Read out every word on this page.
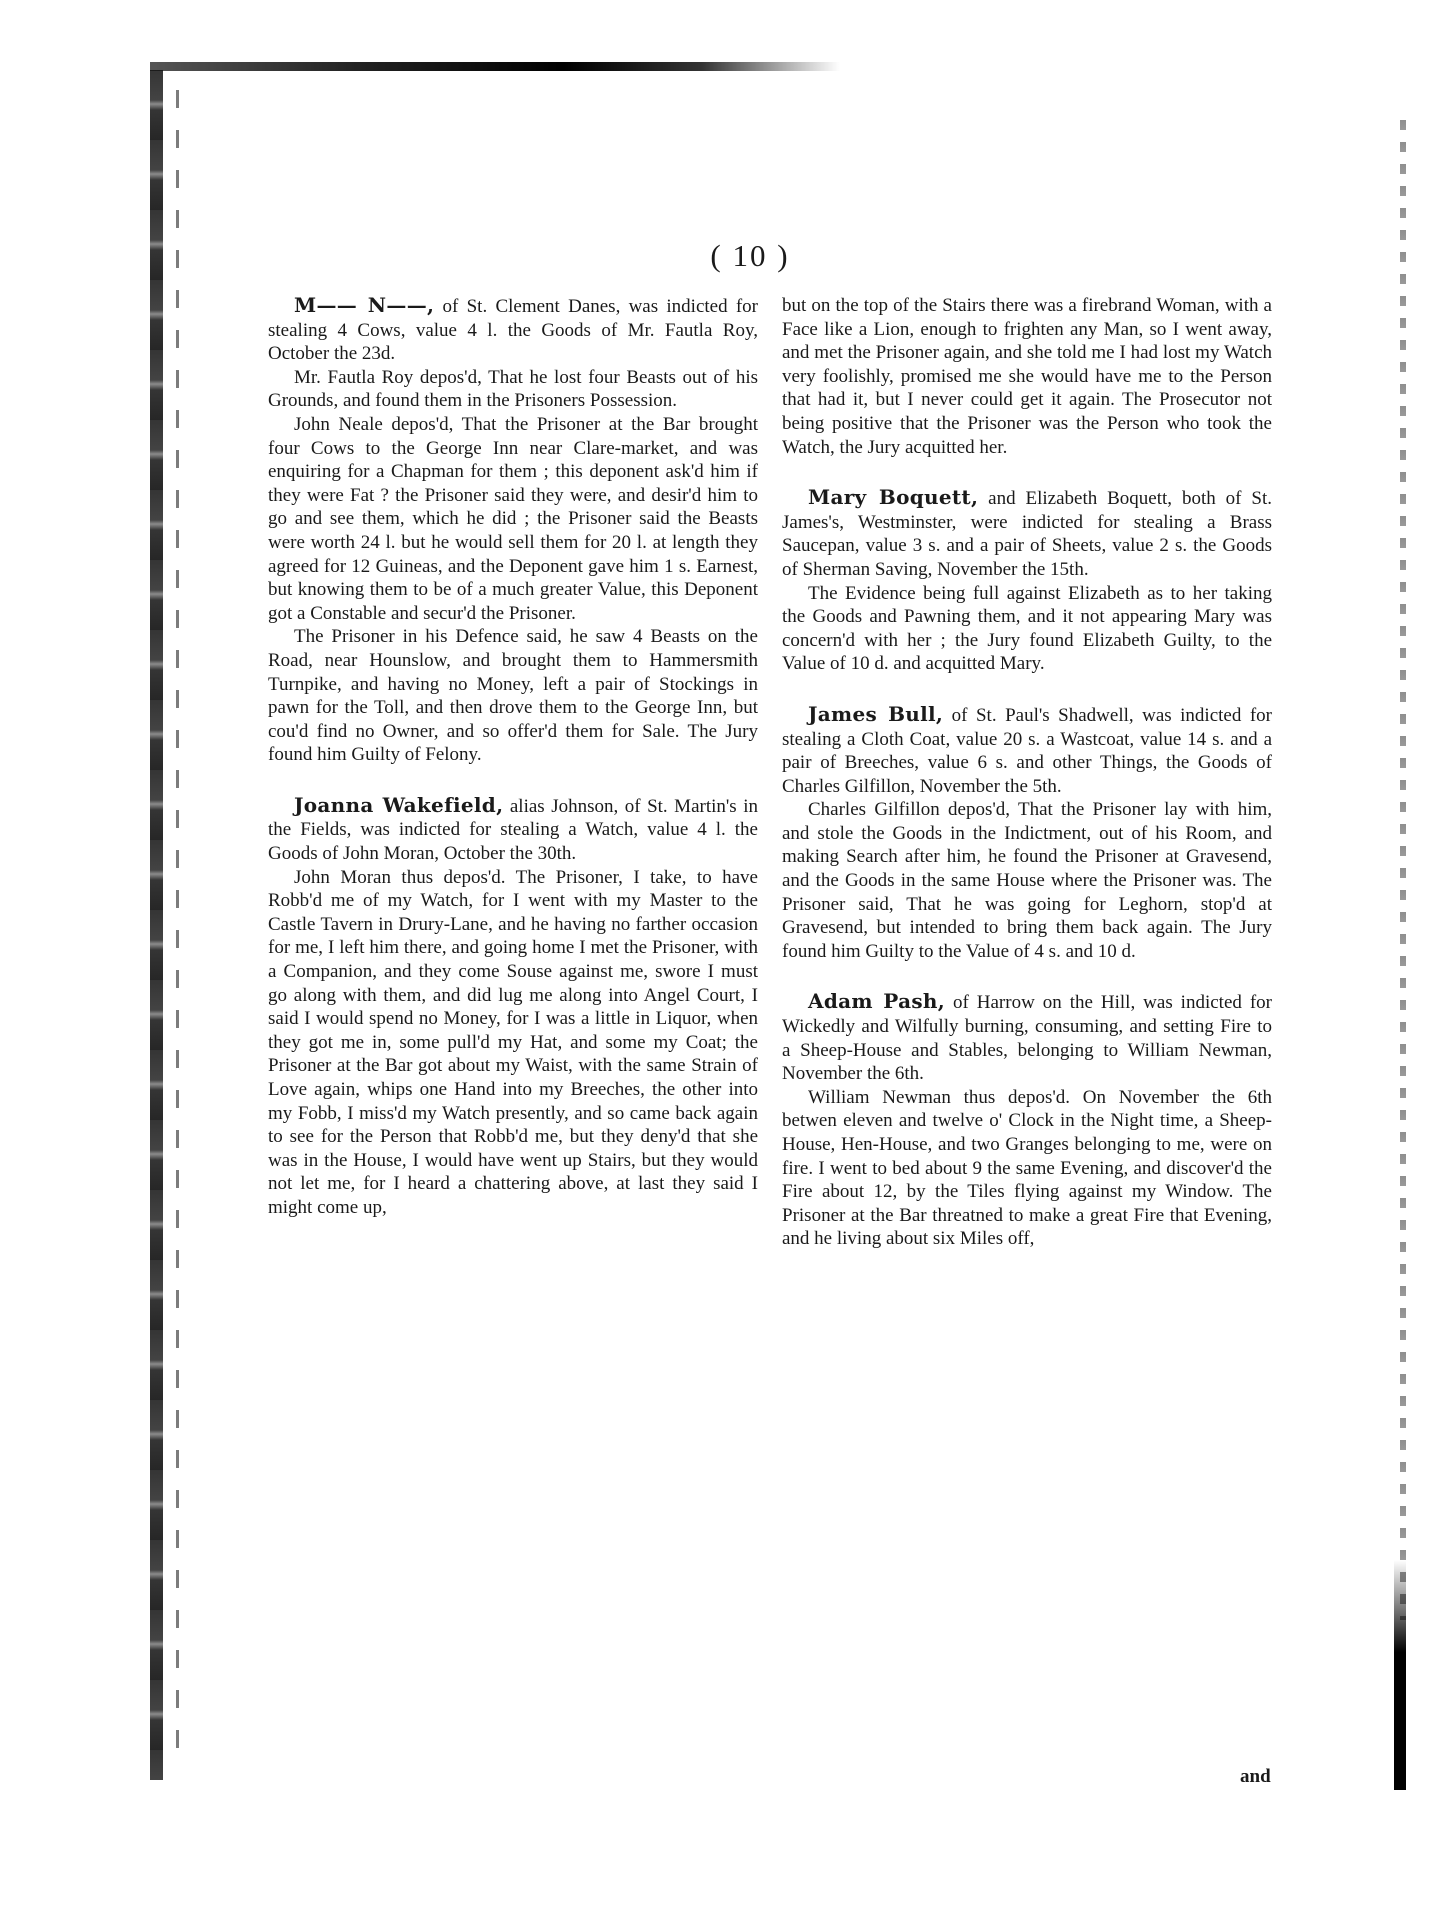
( 10 )

M—— N——, of St. Clement Danes, was indicted for stealing 4 Cows, value 4 l. the Goods of Mr. Fautla Roy, October the 23d.

Mr. Fautla Roy depos'd, That he lost four Beasts out of his Grounds, and found them in the Prisoners Possession.

John Neale depos'd, That the Prisoner at the Bar brought four Cows to the George Inn near Clare-market, and was enquiring for a Chapman for them ; this deponent ask'd him if they were Fat ? the Prisoner said they were, and desir'd him to go and see them, which he did ; the Prisoner said the Beasts were worth 24 l. but he would sell them for 20 l. at length they agreed for 12 Guineas, and the Deponent gave him 1 s. Earnest, but knowing them to be of a much greater Value, this Deponent got a Constable and secur'd the Prisoner.

The Prisoner in his Defence said, he saw 4 Beasts on the Road, near Hounslow, and brought them to Hammersmith Turnpike, and having no Money, left a pair of Stockings in pawn for the Toll, and then drove them to the George Inn, but cou'd find no Owner, and so offer'd them for Sale. The Jury found him Guilty of Felony.

Joanna Wakefield, alias Johnson, of St. Martin's in the Fields, was indicted for stealing a Watch, value 4 l. the Goods of John Moran, October the 30th.

John Moran thus depos'd. The Prisoner, I take, to have Robb'd me of my Watch, for I went with my Master to the Castle Tavern in Drury-Lane, and he having no farther occasion for me, I left him there, and going home I met the Prisoner, with a Companion, and they come Souse against me, swore I must go along with them, and did lug me along into Angel Court, I said I would spend no Money, for I was a little in Liquor, when they got me in, some pull'd my Hat, and some my Coat; the Prisoner at the Bar got about my Waist, with the same Strain of Love again, whips one Hand into my Breeches, the other into my Fobb, I miss'd my Watch presently, and so came back again to see for the Person that Robb'd me, but they deny'd that she was in the House, I would have went up Stairs, but they would not let me, for I heard a chattering above, at last they said I might come up,

but on the top of the Stairs there was a firebrand Woman, with a Face like a Lion, enough to frighten any Man, so I went away, and met the Prisoner again, and she told me I had lost my Watch very foolishly, promised me she would have me to the Person that had it, but I never could get it again. The Prosecutor not being positive that the Prisoner was the Person who took the Watch, the Jury acquitted her.

Mary Boquett, and Elizabeth Boquett, both of St. James's, Westminster, were indicted for stealing a Brass Saucepan, value 3 s. and a pair of Sheets, value 2 s. the Goods of Sherman Saving, November the 15th.

The Evidence being full against Elizabeth as to her taking the Goods and Pawning them, and it not appearing Mary was concern'd with her ; the Jury found Elizabeth Guilty, to the Value of 10 d. and acquitted Mary.

James Bull, of St. Paul's Shadwell, was indicted for stealing a Cloth Coat, value 20 s. a Wastcoat, value 14 s. and a pair of Breeches, value 6 s. and other Things, the Goods of Charles Gilfillon, November the 5th.

Charles Gilfillon depos'd, That the Prisoner lay with him, and stole the Goods in the Indictment, out of his Room, and making Search after him, he found the Prisoner at Gravesend, and the Goods in the same House where the Prisoner was. The Prisoner said, That he was going for Leghorn, stop'd at Gravesend, but intended to bring them back again. The Jury found him Guilty to the Value of 4 s. and 10 d.

Adam Pash, of Harrow on the Hill, was indicted for Wickedly and Wilfully burning, consuming, and setting Fire to a Sheep-House and Stables, belonging to William Newman, November the 6th.

William Newman thus depos'd. On November the 6th betwen eleven and twelve o' Clock in the Night time, a Sheep-House, Hen-House, and two Granges belonging to me, were on fire. I went to bed about 9 the same Evening, and discover'd the Fire about 12, by the Tiles flying against my Window. The Prisoner at the Bar threatned to make a great Fire that Evening, and he living about six Miles off,

and
